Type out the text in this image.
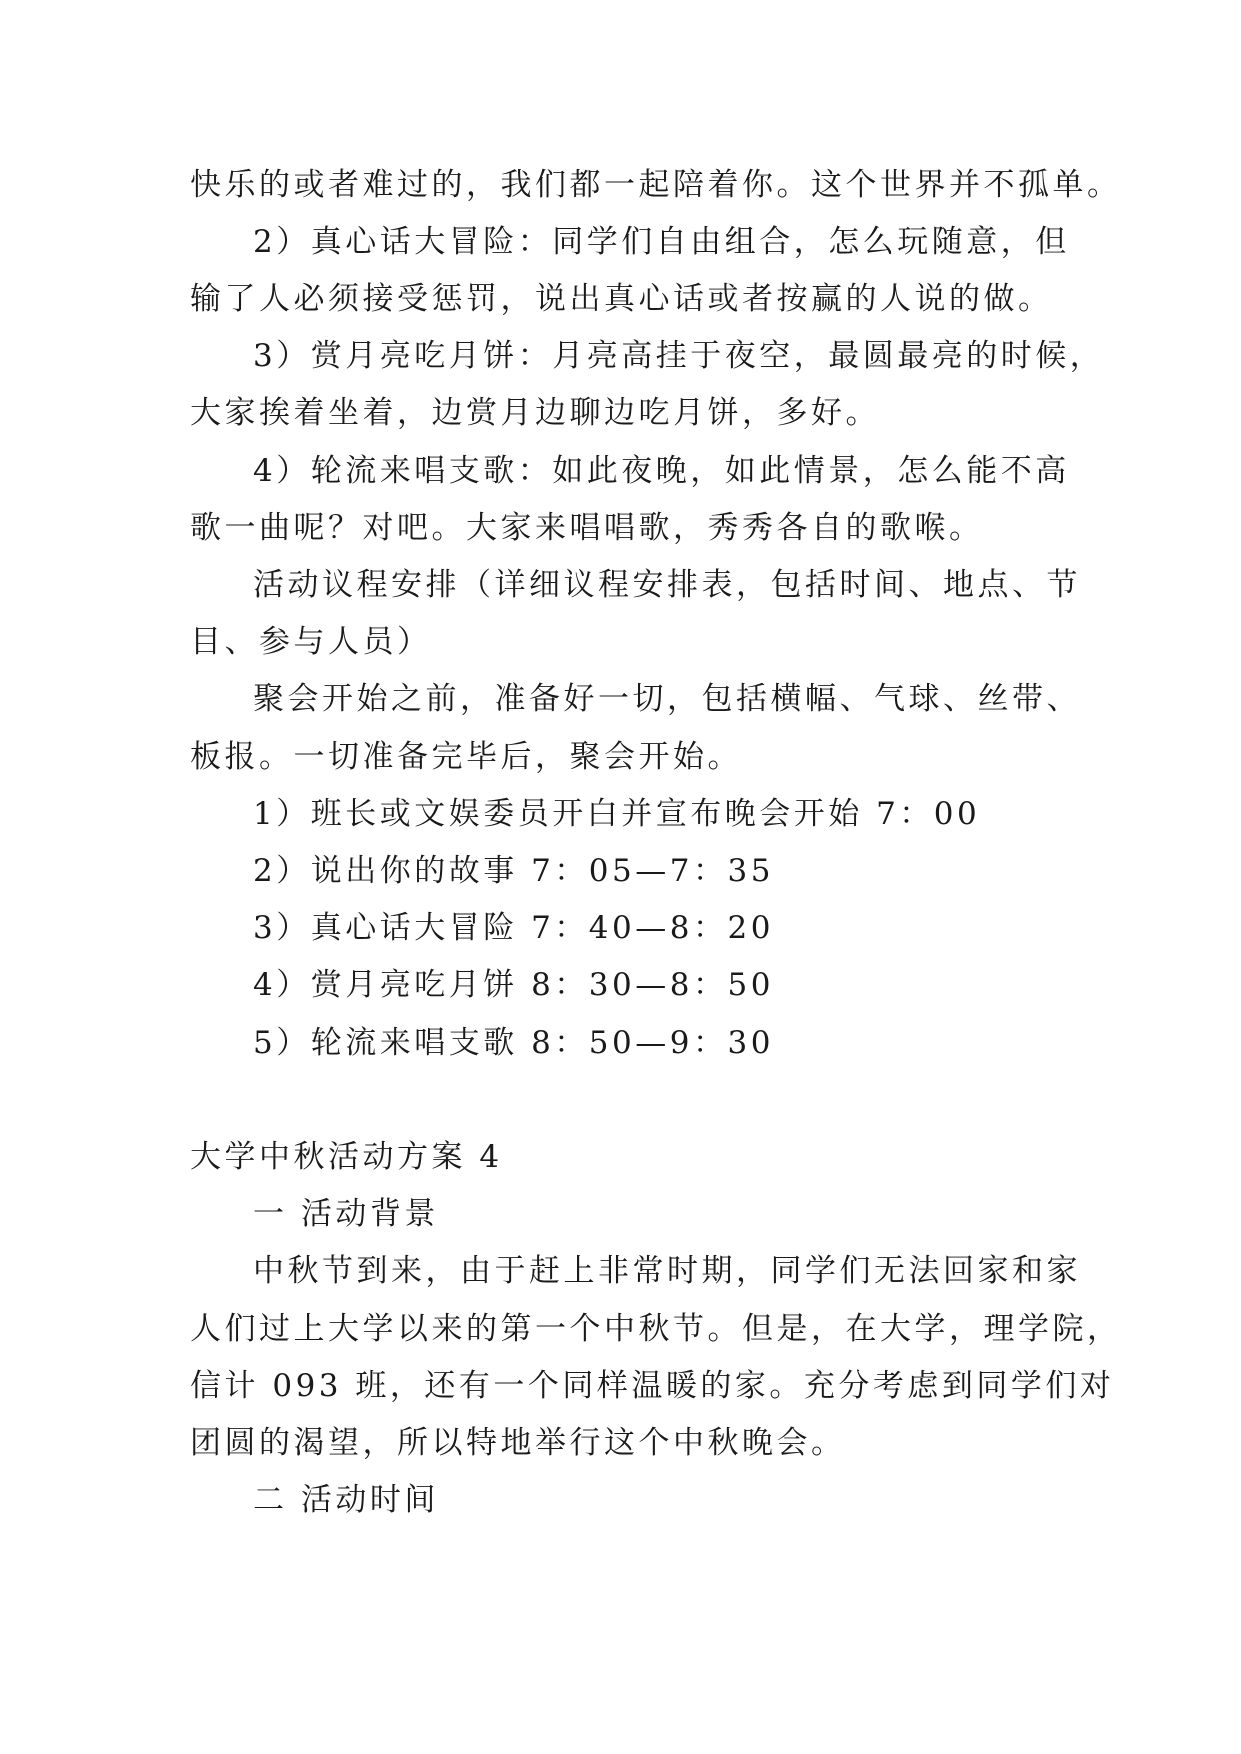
快乐的或者难过的，我们都一起陪着你。这个世界并不孤单。
2）真心话大冒险：同学们自由组合，怎么玩随意，但
输了人必须接受惩罚，说出真心话或者按赢的人说的做。
3）赏月亮吃月饼：月亮高挂于夜空，最圆最亮的时候，
大家挨着坐着，边赏月边聊边吃月饼，多好。
4）轮流来唱支歌：如此夜晚，如此情景，怎么能不高
歌一曲呢？对吧。大家来唱唱歌，秀秀各自的歌喉。
活动议程安排（详细议程安排表，包括时间、地点、节
目、参与人员）
聚会开始之前，准备好一切，包括横幅、气球、丝带、
板报。一切准备完毕后，聚会开始。
1）班长或文娱委员开白并宣布晚会开始 7：00
2）说出你的故事 7：05—7：35
3）真心话大冒险 7：40—8：20
4）赏月亮吃月饼 8：30—8：50
5）轮流来唱支歌 8：50—9：30
大学中秋活动方案 4
一 活动背景
中秋节到来，由于赶上非常时期，同学们无法回家和家
人们过上大学以来的第一个中秋节。但是，在大学，理学院，
信计 093 班，还有一个同样温暖的家。充分考虑到同学们对
团圆的渴望，所以特地举行这个中秋晚会。
二 活动时间
